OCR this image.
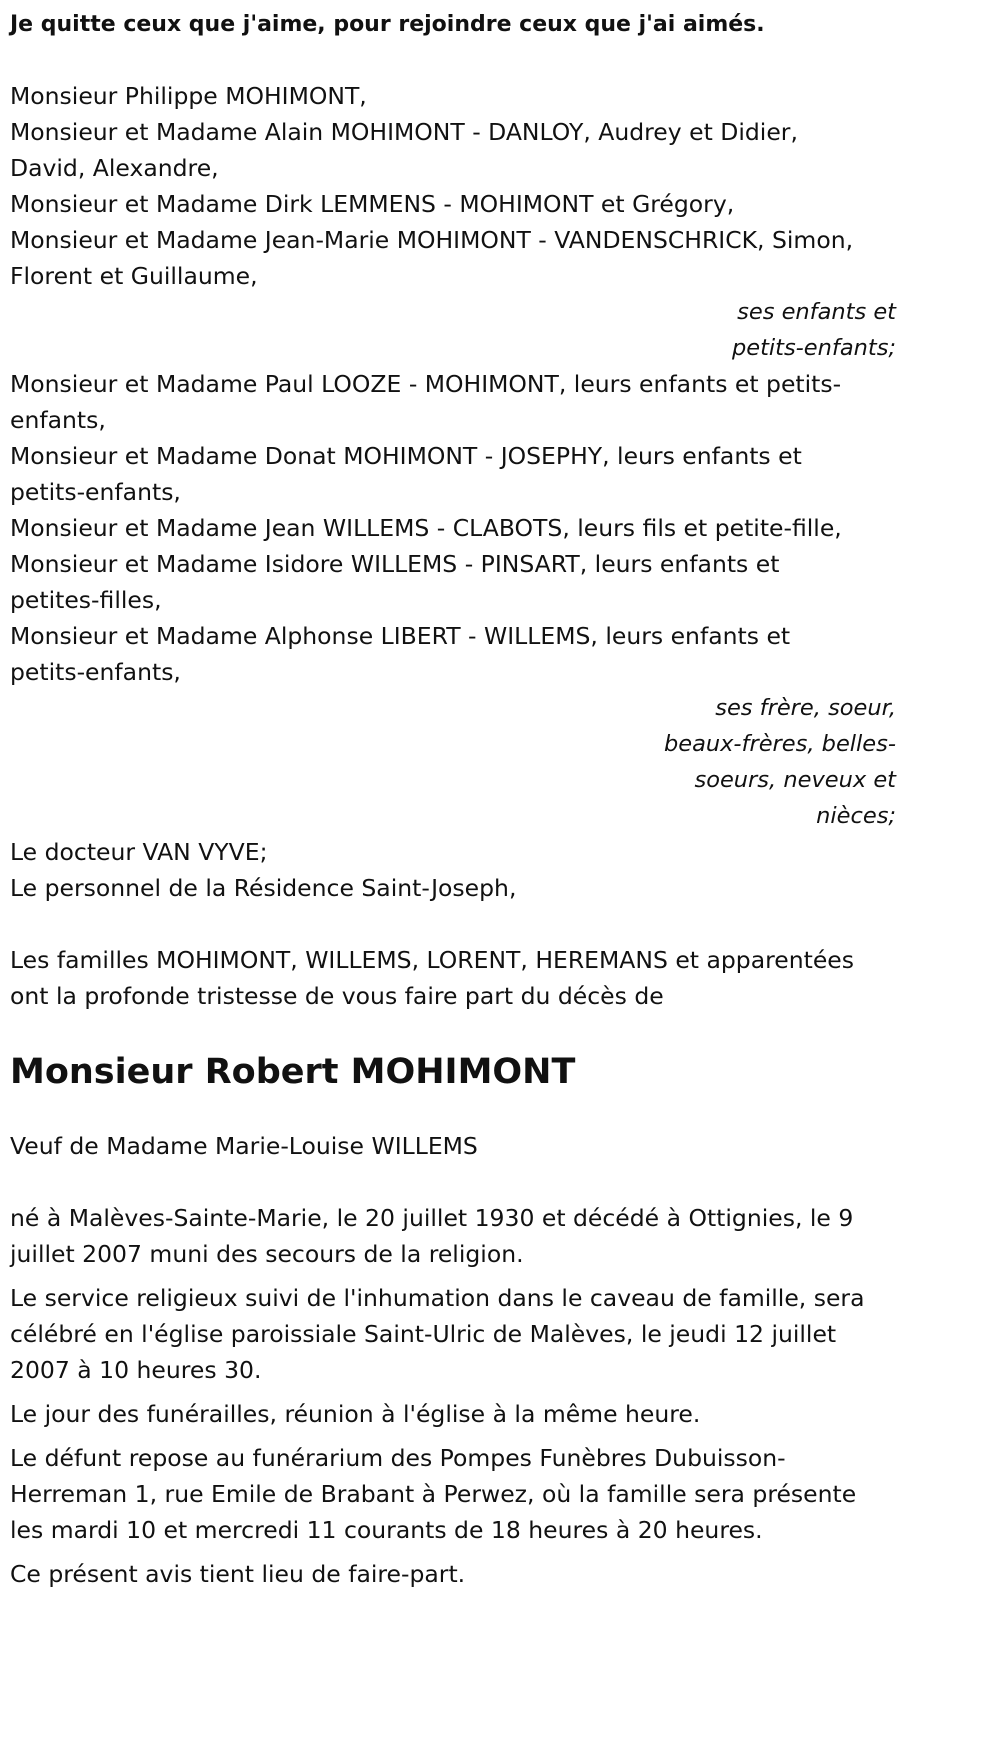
Je quitte ceux que j'aime, pour rejoindre ceux que j'ai aimés.

Monsieur Philippe MOHIMONT,

Monsieur et Madame Alain MOHIMONT - DANLOY, Audrey et Didier,

David, Alexandre,

Monsieur et Madame Dirk LEMMENS - MOHIMONT et Grégory,

Monsieur et Madame Jean-Marie MOHIMONT - VANDENSCHRICK, Simon,

Florent et Guillaume,

ses enfants et

petits-enfants;

Monsieur et Madame Paul LOOZE - MOHIMONT, leurs enfants et petits-

enfants,

Monsieur et Madame Donat MOHIMONT - JOSEPHY, leurs enfants et

petits-enfants,

Monsieur et Madame Jean WILLEMS - CLABOTS, leurs fils et petite-fille,

Monsieur et Madame Isidore WILLEMS - PINSART, leurs enfants et

petites-filles,

Monsieur et Madame Alphonse LIBERT - WILLEMS, leurs enfants et

petits-enfants,

ses frère, soeur,

beaux-frères, belles-

soeurs, neveux et

nièces;

Le docteur VAN VYVE;

Le personnel de la Résidence Saint-Joseph,

Les familles MOHIMONT, WILLEMS, LORENT, HEREMANS et apparentées

ont la profonde tristesse de vous faire part du décès de

Monsieur Robert MOHIMONT

Veuf de Madame Marie-Louise WILLEMS

né à Malèves-Sainte-Marie, le 20 juillet 1930 et décédé à Ottignies, le 9
juillet 2007 muni des secours de la religion.
Le service religieux suivi de l'inhumation dans le caveau de famille, sera
célébré en l'église paroissiale Saint-Ulric de Malèves, le jeudi 12 juillet
2007 à 10 heures 30.
Le jour des funérailles, réunion à l'église à la même heure.
Le défunt repose au funérarium des Pompes Funèbres Dubuisson-
Herreman 1, rue Emile de Brabant à Perwez, où la famille sera présente
les mardi 10 et mercredi 11 courants de 18 heures à 20 heures.
Ce présent avis tient lieu de faire-part.
